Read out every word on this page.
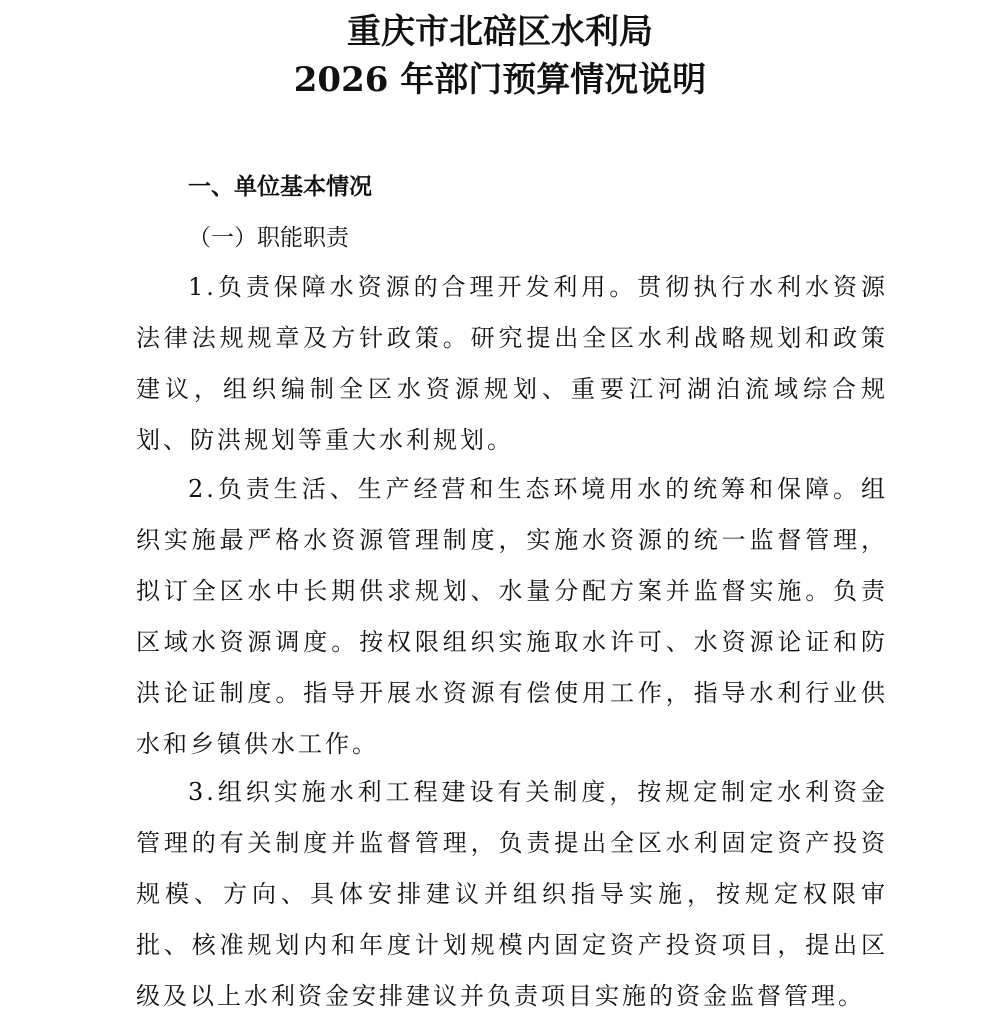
重庆市北碚区水利局
2026 年部门预算情况说明
一、单位基本情况
（一）职能职责
1.负责保障水资源的合理开发利用。贯彻执行水利水资源法律法规规章及方针政策。研究提出全区水利战略规划和政策建议，组织编制全区水资源规划、重要江河湖泊流域综合规划、防洪规划等重大水利规划。
2.负责生活、生产经营和生态环境用水的统筹和保障。组织实施最严格水资源管理制度，实施水资源的统一监督管理，拟订全区水中长期供求规划、水量分配方案并监督实施。负责区域水资源调度。按权限组织实施取水许可、水资源论证和防洪论证制度。指导开展水资源有偿使用工作，指导水利行业供水和乡镇供水工作。
3.组织实施水利工程建设有关制度，按规定制定水利资金管理的有关制度并监督管理，负责提出全区水利固定资产投资规模、方向、具体安排建议并组织指导实施，按规定权限审批、核准规划内和年度计划规模内固定资产投资项目，提出区级及以上水利资金安排建议并负责项目实施的资金监督管理。
